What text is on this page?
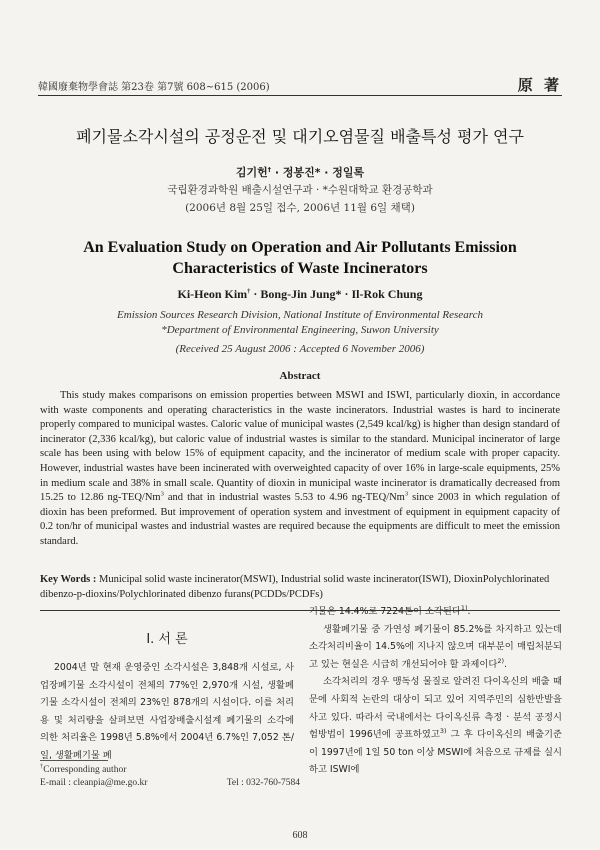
韓國廢棄物學會誌 第23卷 第7號 608~615 (2006)	原 著
폐기물소각시설의 공정운전 및 대기오염물질 배출특성 평가 연구
김기헌† · 정봉진* · 정일록
국립환경과학원 배출시설연구과 · *수원대학교 환경공학과
(2006년 8월 25일 접수, 2006년 11월 6일 채택)
An Evaluation Study on Operation and Air Pollutants Emission
Characteristics of Waste Incinerators
Ki-Heon Kim† · Bong-Jin Jung* · Il-Rok Chung
Emission Sources Research Division, National Institute of Environmental Research
*Department of Environmental Engineering, Suwon University
(Received 25 August 2006 : Accepted 6 November 2006)
Abstract
This study makes comparisons on emission properties between MSWI and ISWI, particularly dioxin, in accordance with waste components and operating characteristics in the waste incinerators. Industrial wastes is hard to incinerate properly compared to municipal wastes. Caloric value of municipal wastes (2,549 kcal/kg) is higher than design standard of incinerator (2,336 kcal/kg), but caloric value of industrial wastes is similar to the standard. Municipal incinerator of large scale has been using with below 15% of equipment capacity, and the incinerator of medium scale with proper capacity. However, industrial wastes have been incinerated with overweighted capacity of over 16% in large-scale equipments, 25% in medium scale and 38% in small scale. Quantity of dioxin in municipal waste incinerator is dramatically decreased from 15.25 to 12.86 ng-TEQ/Nm$^3$ and that in industrial wastes 5.53 to 4.96 ng-TEQ/Nm$^3$ since 2003 in which regulation of dioxin has been preformed. But improvement of operation system and investment of equipment in equipment capacity of 0.2 ton/hr of municipal wastes and industrial wastes are required because the equipments are difficult to meet the emission standard.
Key Words : Municipal solid waste incinerator(MSWI), Industrial solid waste incinerator(ISWI), DioxinPolychlorinated dibenzo-p-dioxins/Polychlorinated dibenzo furans(PCDDs/PCDFs)
I. 서 론

2004년 말 현재 운영중인 소각시설은 3,848개 시설로, 사업장폐기물 소각시설이 전체의 77%인 2,970개 시설, 생활폐기물 소각시설이 전체의 23%인 878개의 시설이다. 이를 처리용 및 처리량을 살펴보면 사업장배출시설계 폐기물의 소각에 의한 처리율은 1998년 5.8%에서 2004년 6.7%인 7,052 톤/일, 생활폐기물 폐

기물은 14.4%로 7224톤이 소각된다$^{1)}$.

생활폐기물 중 가연성 폐기물이 85.2%를 차지하고 있는데 소각처리비율이 14.5%에 지나지 않으며 대부분이 매립처분되고 있는 현실은 시급히 개선되어야 할 과제이다$^{2)}$.

소각처리의 경우 맹독성 물질로 알려진 다이옥신의 배출 때문에 사회적 논란의 대상이 되고 있어 지역주민의 심한반발을 사고 있다. 따라서 국내에서는 다이옥신류 측정 · 분석 공정시험방법이 1996년에 공표하였고$^{3)}$ 그 후 다이옥신의 배출기준이 1997년에 1일 50 ton 이상 MSWI에 처음으로 규제를 실시하고 ISWI에

†Corresponding author
E-mail : cleanpia@me.go.kr	Tel : 032-760-7584
608
